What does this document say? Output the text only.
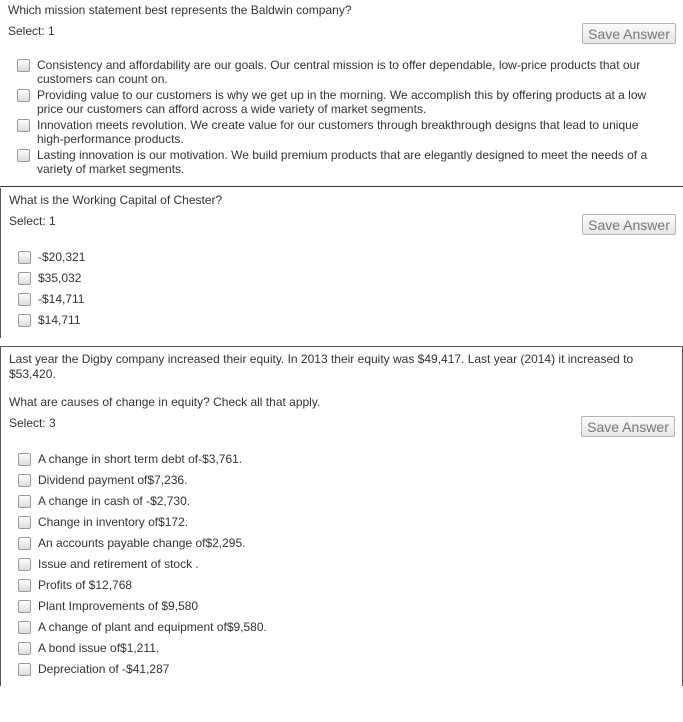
Which mission statement best represents the Baldwin company?
Select: 1	Save Answer
Consistency and affordability are our goals. Our central mission is to offer dependable, low-price products that our customers can count on.
Providing value to our customers is why we get up in the morning. We accomplish this by offering products at a low price our customers can afford across a wide variety of market segments.
Innovation meets revolution. We create value for our customers through breakthrough designs that lead to unique high-performance products.
Lasting innovation is our motivation. We build premium products that are elegantly designed to meet the needs of a variety of market segments.
What is the Working Capital of Chester?
Select: 1	Save Answer
-$20,321
$35,032
-$14,711
$14,711
Last year the Digby company increased their equity. In 2013 their equity was $49,417. Last year (2014) it increased to $53,420.
What are causes of change in equity? Check all that apply.
Select: 3	Save Answer
A change in short term debt of-$3,761.
Dividend payment of$7,236.
A change in cash of -$2,730.
Change in inventory of$172.
An accounts payable change of$2,295.
Issue and retirement of stock .
Profits of $12,768
Plant Improvements of $9,580
A change of plant and equipment of$9,580.
A bond issue of$1,211.
Depreciation of -$41,287
